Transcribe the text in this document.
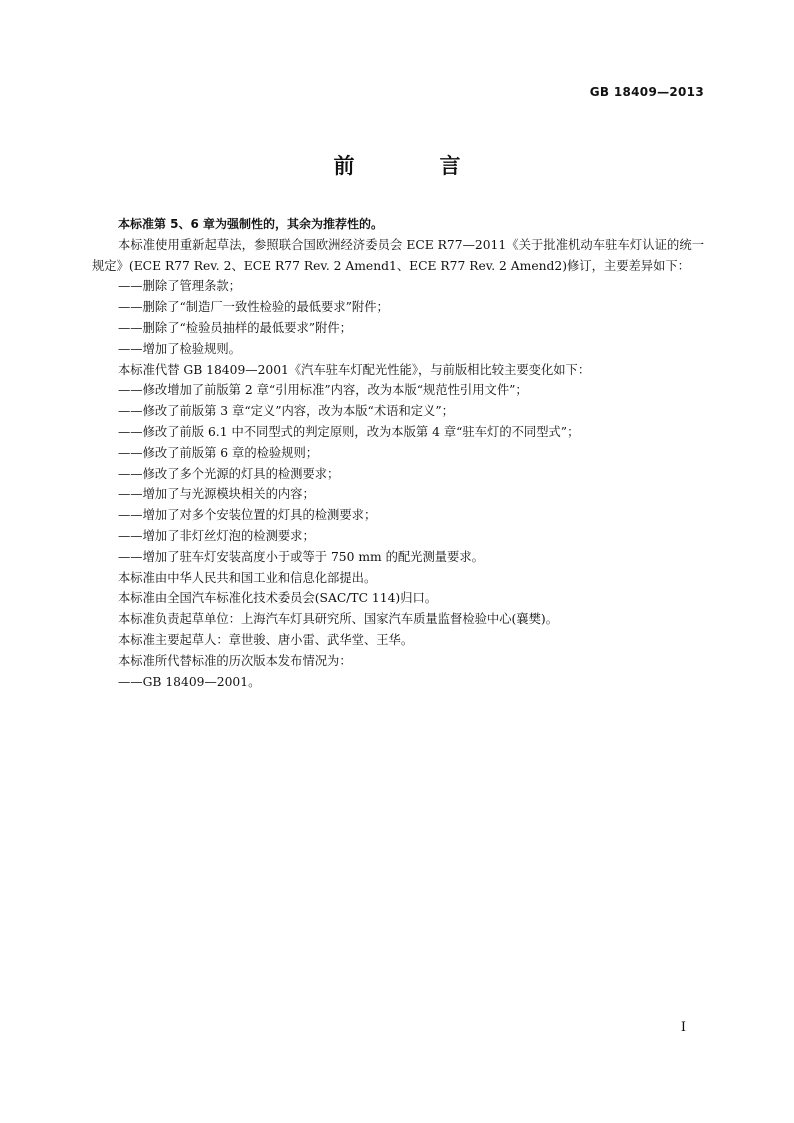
GB 18409—2013
前　言

本标准第 5、6 章为强制性的，其余为推荐性的。

本标准使用重新起草法，参照联合国欧洲经济委员会 ECE R77—2011《关于批准机动车驻车灯认证的统一规定》(ECE R77 Rev. 2、ECE R77 Rev. 2 Amend1、ECE R77 Rev. 2 Amend2)修订，主要差异如下：

——删除了管理条款；

——删除了“制造厂一致性检验的最低要求”附件；

——删除了“检验员抽样的最低要求”附件；

——增加了检验规则。

本标准代替 GB 18409—2001《汽车驻车灯配光性能》，与前版相比较主要变化如下：

——修改增加了前版第 2 章“引用标准”内容，改为本版“规范性引用文件”；

——修改了前版第 3 章“定义”内容，改为本版“术语和定义”；

——修改了前版 6.1 中不同型式的判定原则，改为本版第 4 章“驻车灯的不同型式”；

——修改了前版第 6 章的检验规则；

——修改了多个光源的灯具的检测要求；

——增加了与光源模块相关的内容；

——增加了对多个安装位置的灯具的检测要求；

——增加了非灯丝灯泡的检测要求；

——增加了驻车灯安装高度小于或等于 750 mm 的配光测量要求。

本标准由中华人民共和国工业和信息化部提出。

本标准由全国汽车标准化技术委员会(SAC/TC 114)归口。

本标准负责起草单位：上海汽车灯具研究所、国家汽车质量监督检验中心(襄樊)。

本标准主要起草人：章世骏、唐小雷、武华堂、王华。

本标准所代替标准的历次版本发布情况为：

——GB 18409—2001。

I
